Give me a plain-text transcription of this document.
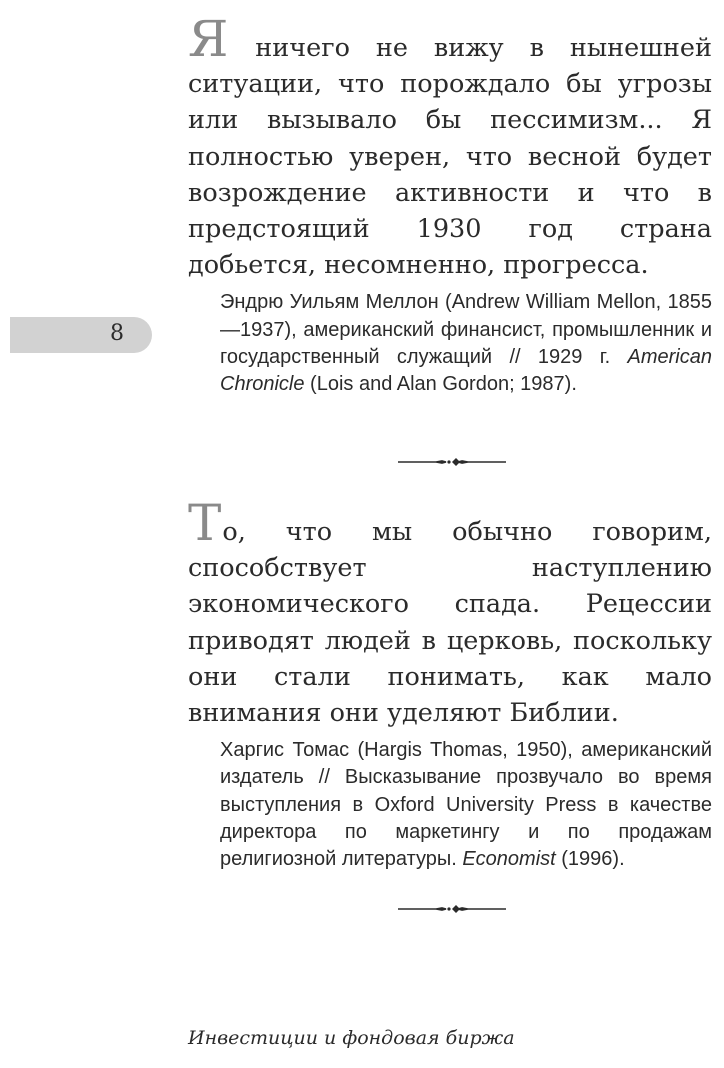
Я ничего не вижу в нынешней ситуации, что порождало бы угрозы или вызывало бы пессимизм... Я полностью уверен, что весной будет возрождение активности и что в предстоящий 1930 год страна добьется, несомненно, прогресса.

Эндрю Уильям Меллон (Andrew William Mellon, 1855—1937), американский финансист, промышленник и государственный служащий // 1929 г. American Chronicle (Lois and Alan Gordon; 1987).
8

То, что мы обычно говорим, способствует наступлению экономического спада. Рецессии приводят людей в церковь, поскольку они стали понимать, как мало внимания они уделяют Библии.

Харгис Томас (Hargis Thomas, 1950), американский издатель // Высказывание прозвучало во время выступления в Oxford University Press в качестве директора по маркетингу и по продажам религиозной литературы. Economist (1996).
Инвестиции и фондовая биржа
